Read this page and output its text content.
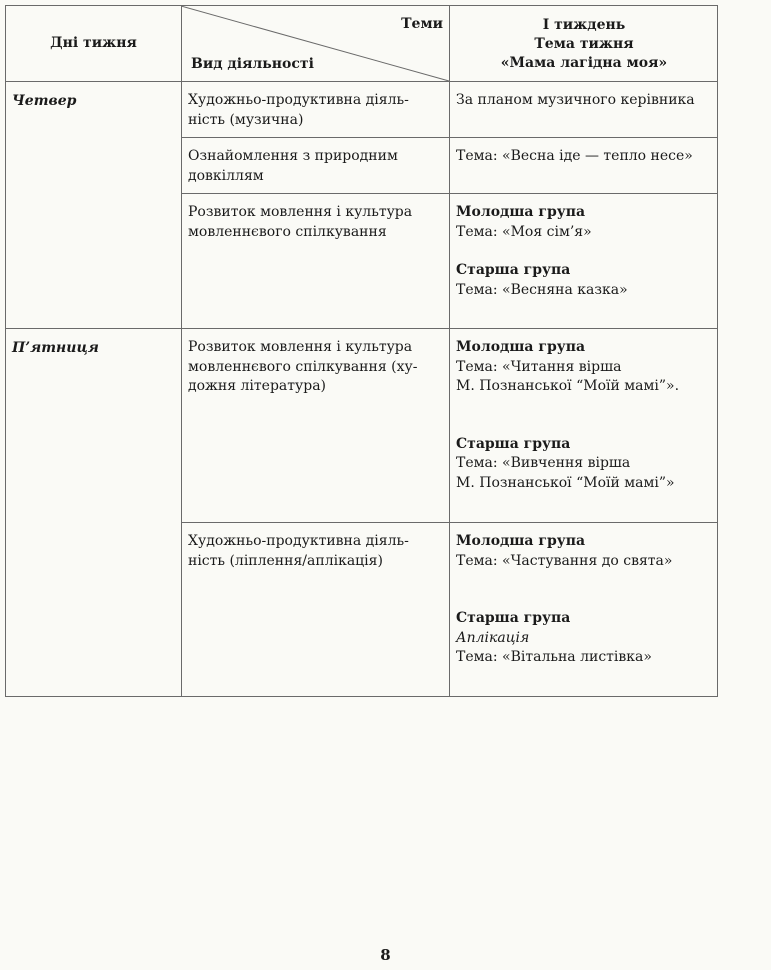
Дні тижня
Теми
Вид діяльності
I тиждень
Тема тижня
«Мама лагідна моя»
Четвер	Художньо-продуктивна діяль-
ність (музична)
За планом музичного керівника
Ознайомлення з природним
довкіллям
Тема: «Весна іде — тепло несе»
Розвиток мовлення і культура
мовленнєвого спілкування
Молодша група
Тема: «Моя сім’я»
Старша група
Тема: «Весняна казка»
П’ятниця	Розвиток мовлення і культура
мовленнєвого спілкування (ху-
дожня література)
Молодша група
Тема: «Читання вірша
М. Познанської “Моїй мамі”».
Старша група
Тема: «Вивчення вірша
М. Познанської “Моїй мамі”»
Художньо-продуктивна діяль-
ність (ліплення/аплікація)
Молодша група
Тема: «Частування до свята»
Старша група
Аплікація
Тема: «Вітальна листівка»
8
